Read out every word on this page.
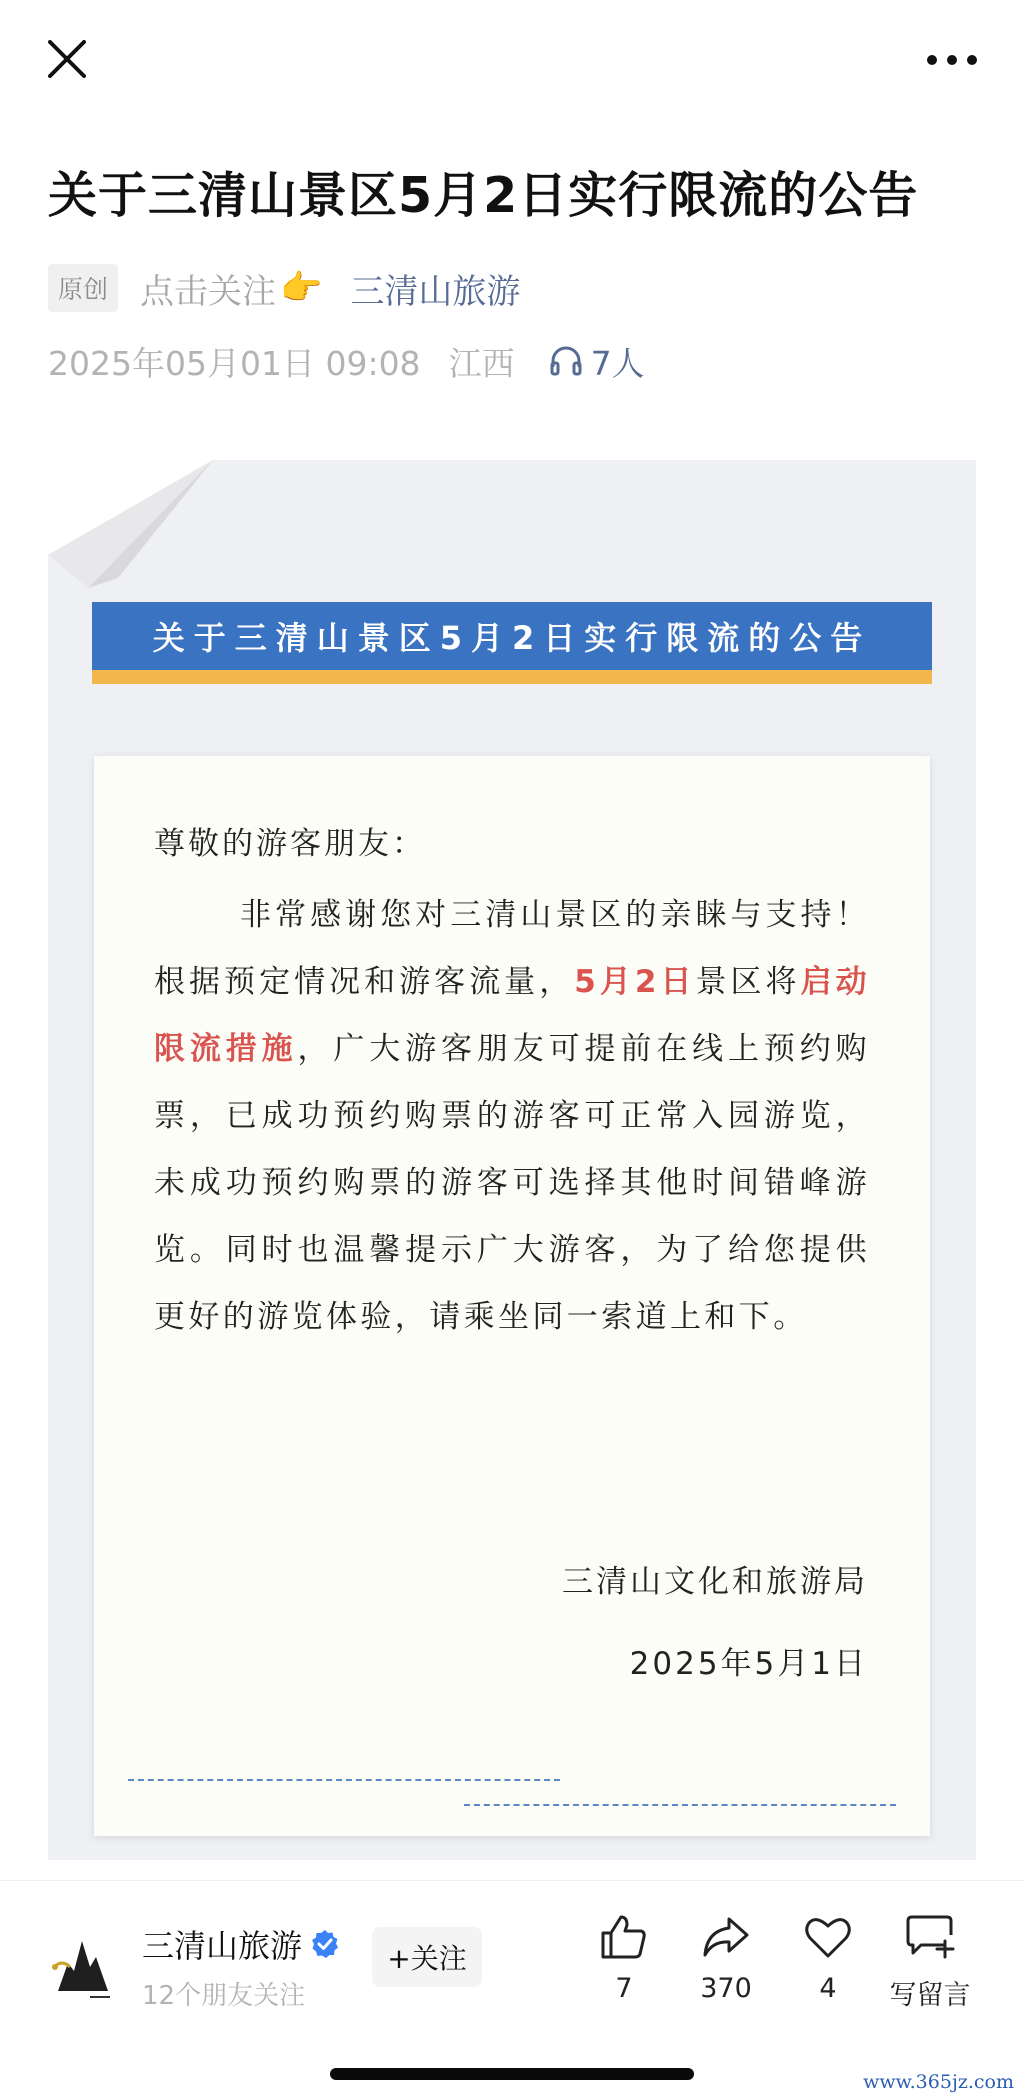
关于三清山景区5月2日实行限流的公告
原创 点击关注 👉 三清山旅游
2025年05月01日 09:08 江西 7人
关于三清山景区5月2日实行限流的公告
尊敬的游客朋友：

非常感谢您对三清山景区的亲睐与支持！根据预定情况和游客流量，5月2日景区将启动限流措施，广大游客朋友可提前在线上预约购票，已成功预约购票的游客可正常入园游览，未成功预约购票的游客可选择其他时间错峰游览。同时也温馨提示广大游客，为了给您提供更好的游览体验，请乘坐同一索道上和下。

三清山文化和旅游局
2025年5月1日
三清山旅游
12个朋友关注
+关注
7	370	4	写留言
www.365jz.com
